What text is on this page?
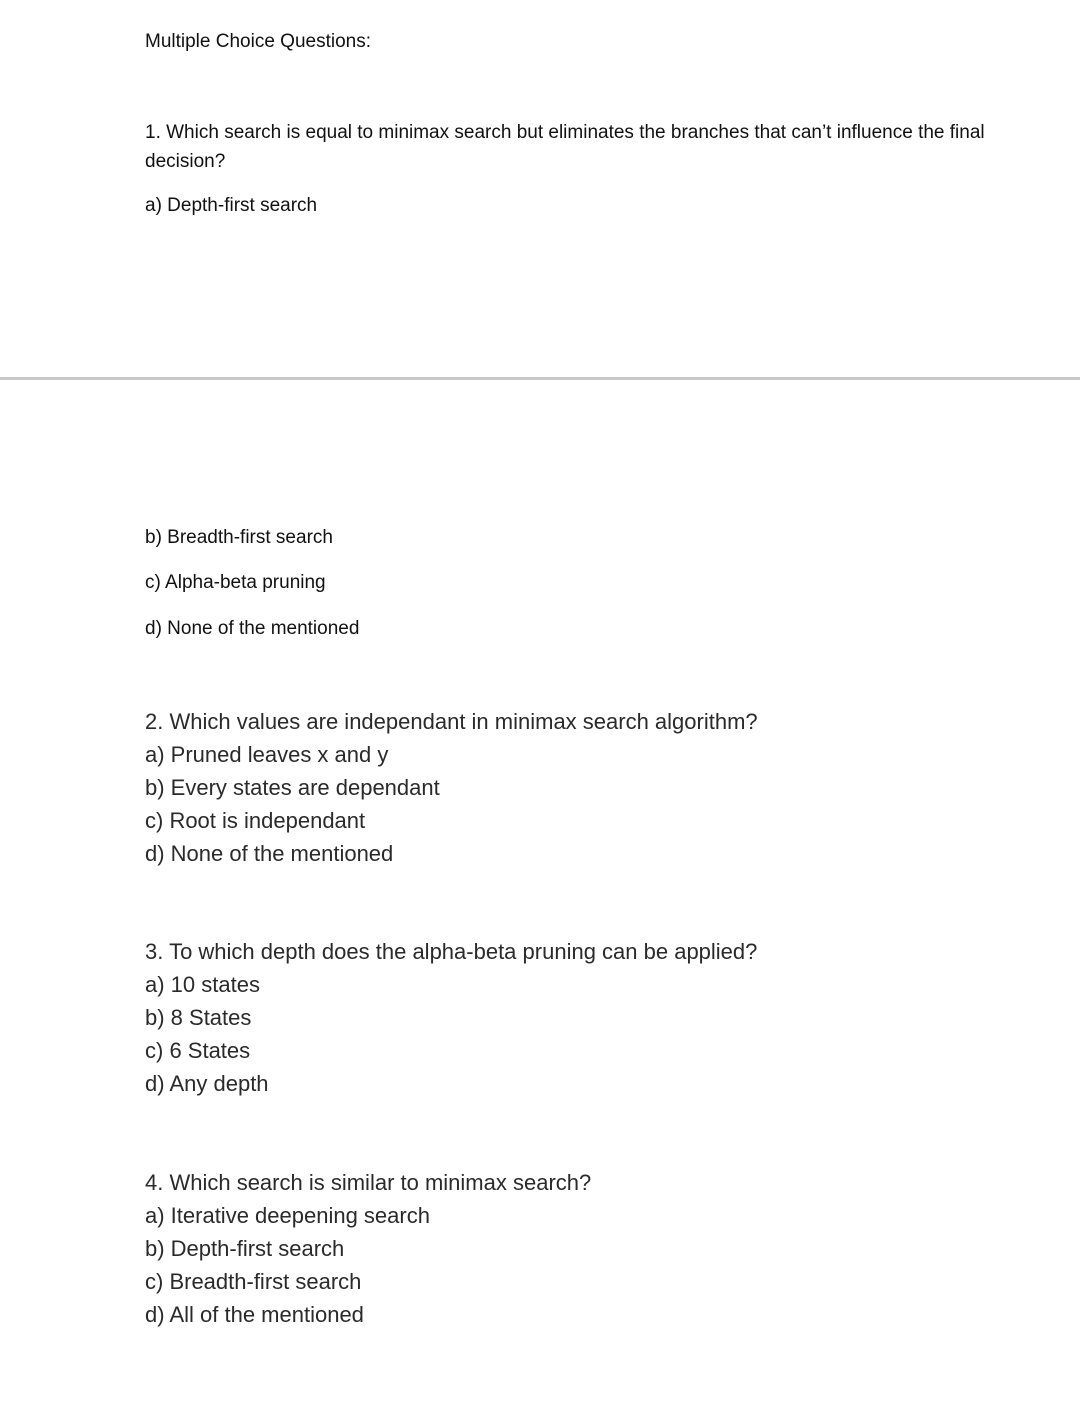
Multiple Choice Questions:

1. Which search is equal to minimax search but eliminates the branches that can’t influence the final decision?

a) Depth-first search

b) Breadth-first search

c) Alpha-beta pruning

d) None of the mentioned

2. Which values are independant in minimax search algorithm?

a) Pruned leaves x and y

b) Every states are dependant

c) Root is independant

d) None of the mentioned

3. To which depth does the alpha-beta pruning can be applied?

a) 10 states

b) 8 States

c) 6 States

d) Any depth

4. Which search is similar to minimax search?

a) Iterative deepening search

b) Depth-first search

c) Breadth-first search

d) All of the mentioned
